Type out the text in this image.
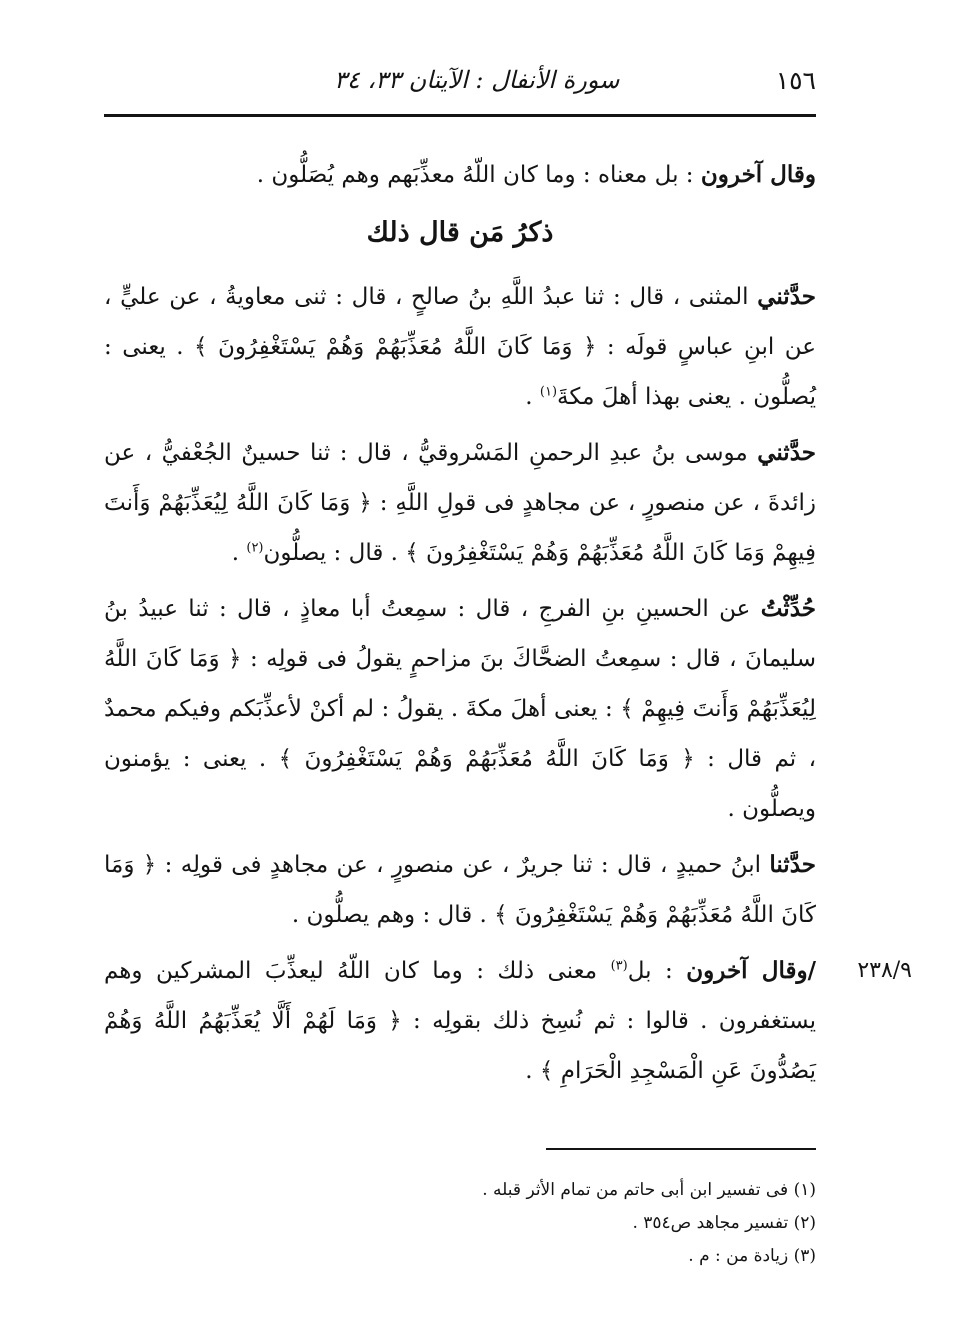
١٥٦
سورة الأنفال : الآيتان ٣٣، ٣٤

وقال آخرون : بل معناه : وما كان اللّهُ معذِّبَهم وهم يُصَلُّون .

ذكرُ مَن قال ذلك

حدَّثني المثنى ، قال : ثنا عبدُ اللَّهِ بنُ صالحٍ ، قال : ثنى معاويةُ ، عن عليٍّ ، عن ابنِ عباسٍ قولَه : ﴿ وَمَا كَانَ اللَّهُ مُعَذِّبَهُمْ وَهُمْ يَسْتَغْفِرُونَ ﴾ . يعنى : يُصلُّون . يعنى بهذا أهلَ مكةَ$^{(١)}$ .

حدَّثني موسى بنُ عبدِ الرحمنِ المَسْروقيُّ ، قال : ثنا حسينٌ الجُعْفيُّ ، عن زائدةَ ، عن منصورٍ ، عن مجاهدٍ فى قولِ اللَّهِ : ﴿ وَمَا كَانَ اللَّهُ لِيُعَذِّبَهُمْ وَأَنتَ فِيهِمْ وَمَا كَانَ اللَّهُ مُعَذِّبَهُمْ وَهُمْ يَسْتَغْفِرُونَ ﴾ . قال : يصلُّون$^{(٢)}$ .

حُدِّثْتُ عن الحسينِ بنِ الفرجِ ، قال : سمِعتُ أبا معاذٍ ، قال : ثنا عبيدُ بنُ سليمانَ ، قال : سمِعتُ الضحَّاكَ بنَ مزاحمٍ يقولُ فى قولِه : ﴿ وَمَا كَانَ اللَّهُ لِيُعَذِّبَهُمْ وَأَنتَ فِيهِمْ ﴾ : يعنى أهلَ مكةَ . يقولُ : لم أكنْ لأعذِّبَكم وفيكم محمدٌ ، ثم قال : ﴿ وَمَا كَانَ اللَّهُ مُعَذِّبَهُمْ وَهُمْ يَسْتَغْفِرُونَ ﴾ . يعنى : يؤمنون ويصلُّون .

حدَّثنا ابنُ حميدٍ ، قال : ثنا جريرٌ ، عن منصورٍ ، عن مجاهدٍ فى قولِه : ﴿ وَمَا كَانَ اللَّهُ مُعَذِّبَهُمْ وَهُمْ يَسْتَغْفِرُونَ ﴾ . قال : وهم يصلُّون .

٢٣٨/٩
/وقال آخرون : بل$^{(٣)}$ معنى ذلك : وما كان اللّهُ ليعذِّبَ المشركين وهم يستغفرون . قالوا : ثم نُسِخ ذلك بقولِه : ﴿ وَمَا لَهُمْ أَلَّا يُعَذِّبَهُمُ اللَّهُ وَهُمْ يَصُدُّونَ عَنِ الْمَسْجِدِ الْحَرَامِ ﴾ .

(١) فى تفسير ابن أبى حاتم من تمام الأثر قبله .

(٢) تفسير مجاهد ص٣٥٤ .

(٣) زيادة من : م .
